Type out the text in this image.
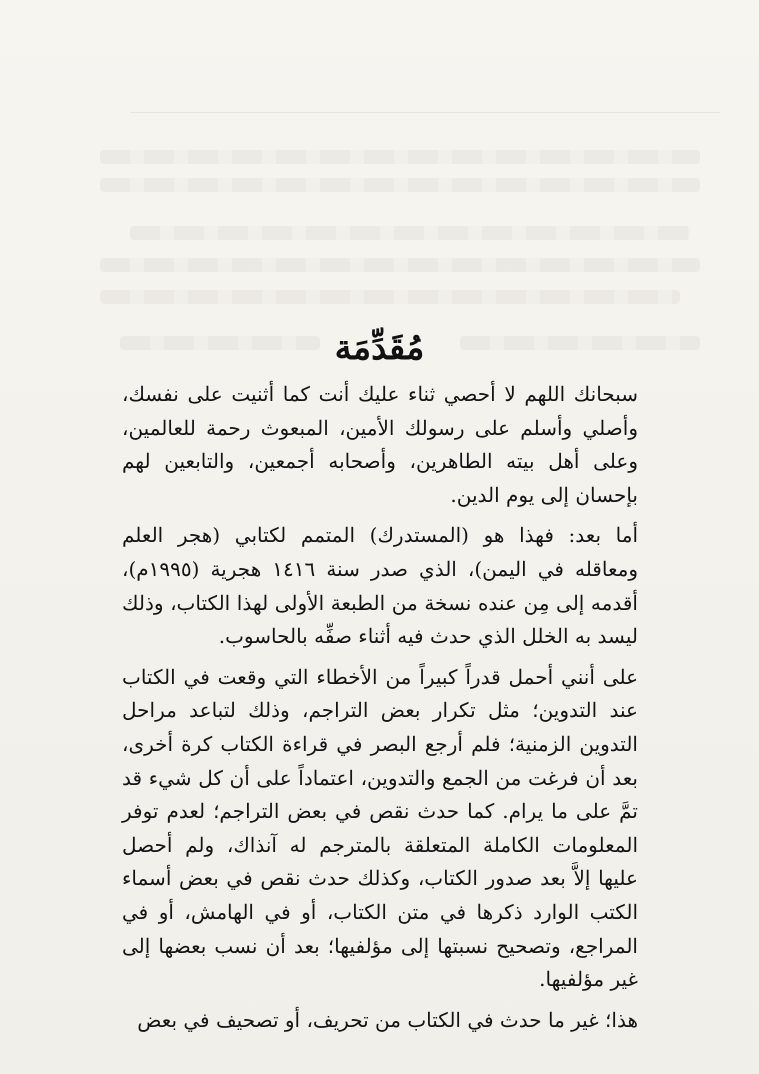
مُقَدِّمَة

سبحانك اللهم لا أحصي ثناء عليك أنت كما أثنيت على نفسك، وأصلي وأسلم على رسولك الأمين، المبعوث رحمة للعالمين، وعلى أهل بيته الطاهرين، وأصحابه أجمعين، والتابعين لهم بإحسان إلى يوم الدين.

أما بعد: فهذا هو (المستدرك) المتمم لكتابي (هجر العلم ومعاقله في اليمن)، الذي صدر سنة ١٤١٦ هجرية (١٩٩٥م)، أقدمه إلى مِن عنده نسخة من الطبعة الأولى لهذا الكتاب، وذلك ليسد به الخلل الذي حدث فيه أثناء صفِّه بالحاسوب.

على أنني أحمل قدراً كبيراً من الأخطاء التي وقعت في الكتاب عند التدوين؛ مثل تكرار بعض التراجم، وذلك لتباعد مراحل التدوين الزمنية؛ فلم أرجع البصر في قراءة الكتاب كرة أخرى، بعد أن فرغت من الجمع والتدوين، اعتماداً على أن كل شيء قد تمَّ على ما يرام. كما حدث نقص في بعض التراجم؛ لعدم توفر المعلومات الكاملة المتعلقة بالمترجم له آنذاك، ولم أحصل عليها إلاَّ بعد صدور الكتاب، وكذلك حدث نقص في بعض أسماء الكتب الوارد ذكرها في متن الكتاب، أو في الهامش، أو في المراجع، وتصحيح نسبتها إلى مؤلفيها؛ بعد أن نسب بعضها إلى غير مؤلفيها.

هذا؛ غير ما حدث في الكتاب من تحريف، أو تصحيف في بعض
